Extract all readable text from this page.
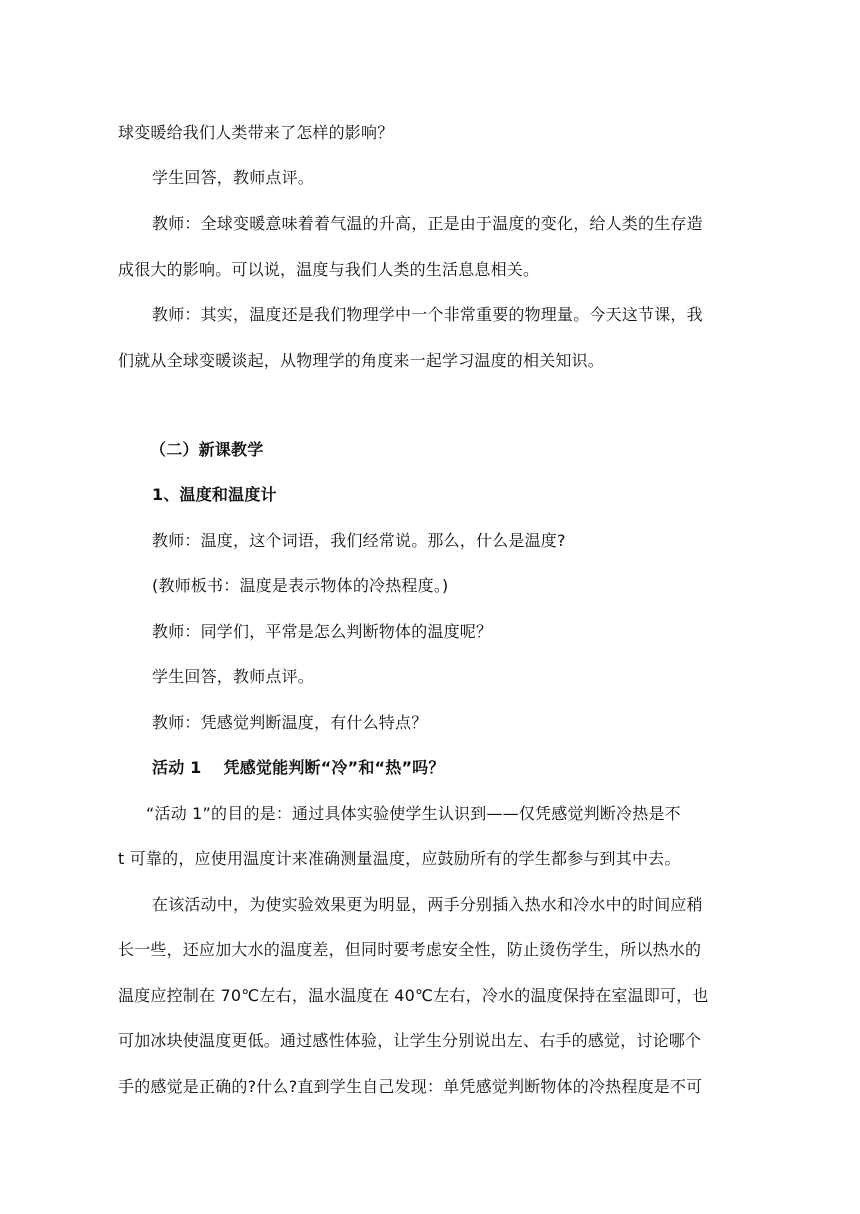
球变暖给我们人类带来了怎样的影响？
学生回答，教师点评。
教师：全球变暖意味着着气温的升高，正是由于温度的变化，给人类的生存造
成很大的影响。可以说，温度与我们人类的生活息息相关。
教师：其实，温度还是我们物理学中一个非常重要的物理量。今天这节课，我
们就从全球变暖谈起，从物理学的角度来一起学习温度的相关知识。
（二）新课教学
1、温度和温度计
教师：温度，这个词语，我们经常说。那么，什么是温度?
(教师板书：温度是表示物体的冷热程度。)
教师：同学们，平常是怎么判断物体的温度呢？
学生回答，教师点评。
教师：凭感觉判断温度，有什么特点？
活动 1 凭感觉能判断“冷”和“热”吗？
“活动 1”的目的是：通过具体实验使学生认识到——仅凭感觉判断冷热是不
t 可靠的，应使用温度计来准确测量温度，应鼓励所有的学生都参与到其中去。
在该活动中，为使实验效果更为明显，两手分别插入热水和冷水中的时间应稍
长一些，还应加大水的温度差，但同时要考虑安全性，防止烫伤学生，所以热水的
温度应控制在 70℃左右，温水温度在 40℃左右，冷水的温度保持在室温即可，也
可加冰块使温度更低。通过感性体验，让学生分别说出左、右手的感觉，讨论哪个
手的感觉是正确的?什么?直到学生自己发现：单凭感觉判断物体的冷热程度是不可
